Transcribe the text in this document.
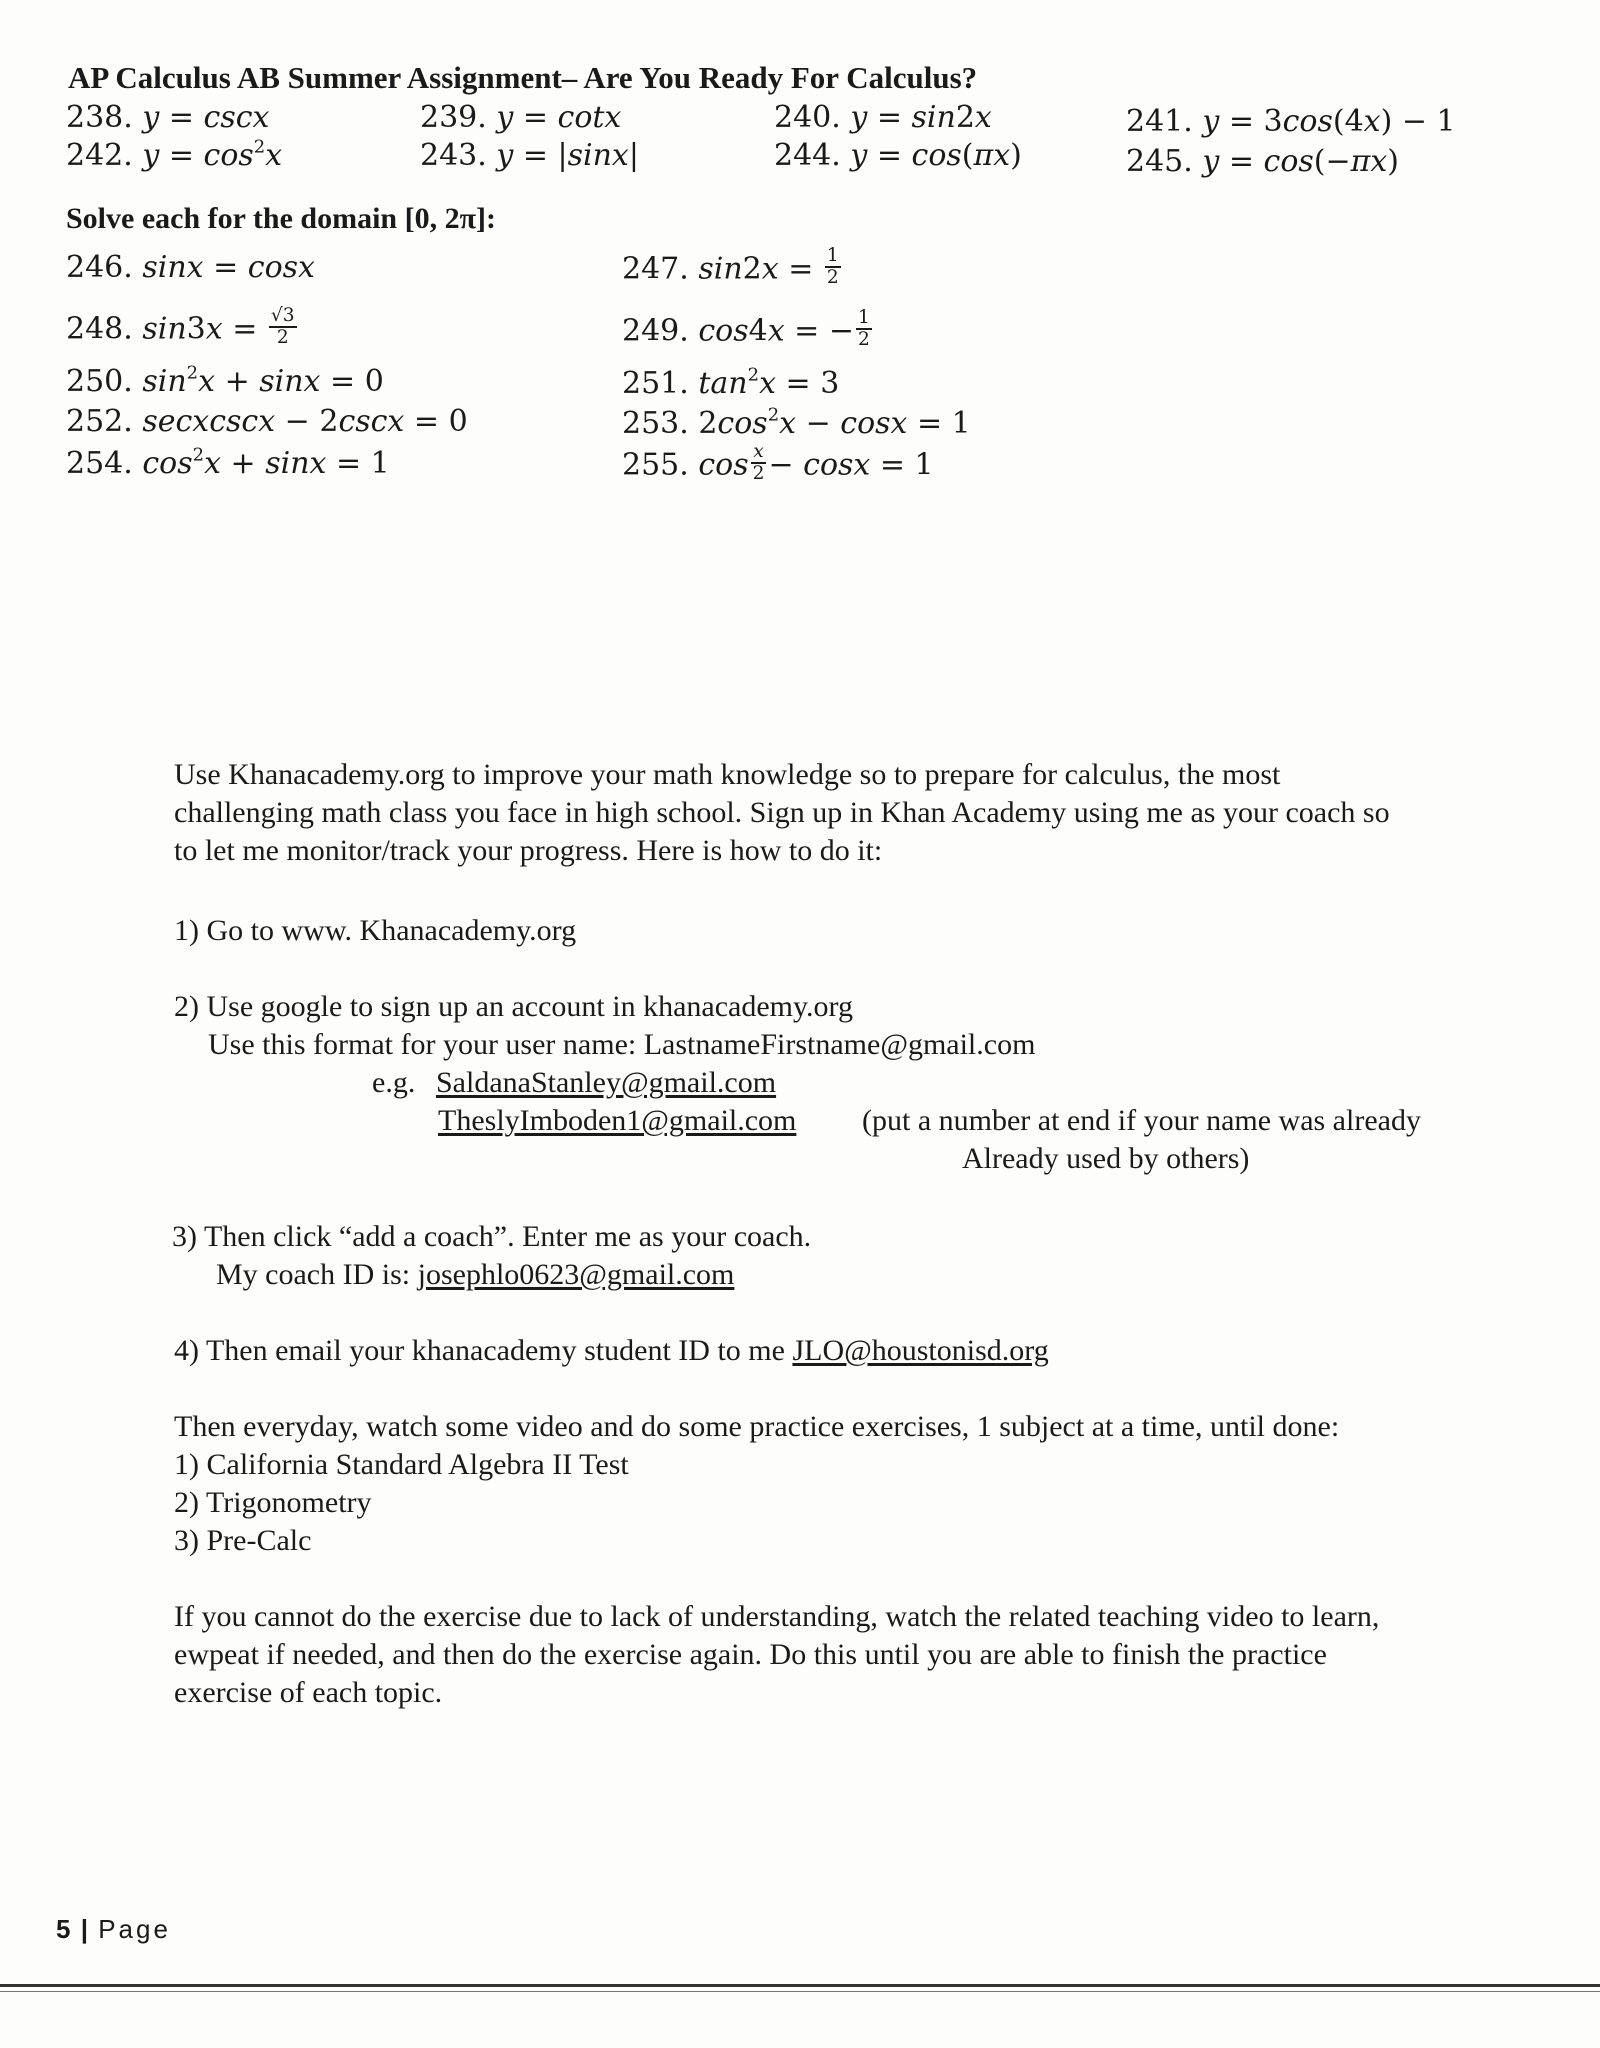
AP Calculus AB Summer Assignment– Are You Ready For Calculus?
238. y = cscx	239. y = cotx	240. y = sin2x	241. y = 3cos(4x) − 1
242. $y = \cos^2x$	243. y = |sinx|	244. y = cos(πx)	245. y = cos(−πx)
Solve each for the domain [0, 2π]:
246. sinx = cosx	247. $\sin 2x = \frac{1}{2}$
248. $\sin 3x = \frac{√3}{2}$	249. cos4x = − $\frac{1}{2}$
250. $\sin^2x + \sin x = 0$	251. $\tan^2x = 3$
252. secxcscx − 2cscx = 0	253. $2\cos^2x - \cos x = 1$
254. $\cos^2x + \sin x = 1$	255. $\cos \frac{x}{2} - \cos x = 1$
Use Khanacademy.org to improve your math knowledge so to prepare for calculus, the most
challenging math class you face in high school. Sign up in Khan Academy using me as your coach so
to let me monitor/track your progress. Here is how to do it:
1) Go to www. Khanacademy.org
2) Use google to sign up an account in khanacademy.org
Use this format for your user name: LastnameFirstname@gmail.com
e.g. SaldanaStanley@gmail.com
TheslyImboden1@gmail.com (put a number at end if your name was already
Already used by others)
3) Then click “add a coach”. Enter me as your coach.
My coach ID is: josephlo0623@gmail.com
4) Then email your khanacademy student ID to me JLO@houstonisd.org
Then everyday, watch some video and do some practice exercises, 1 subject at a time, until done:
1) California Standard Algebra II Test
2) Trigonometry
3) Pre-Calc
If you cannot do the exercise due to lack of understanding, watch the related teaching video to learn,
ewpeat if needed, and then do the exercise again. Do this until you are able to finish the practice
exercise of each topic.
5 | Page
